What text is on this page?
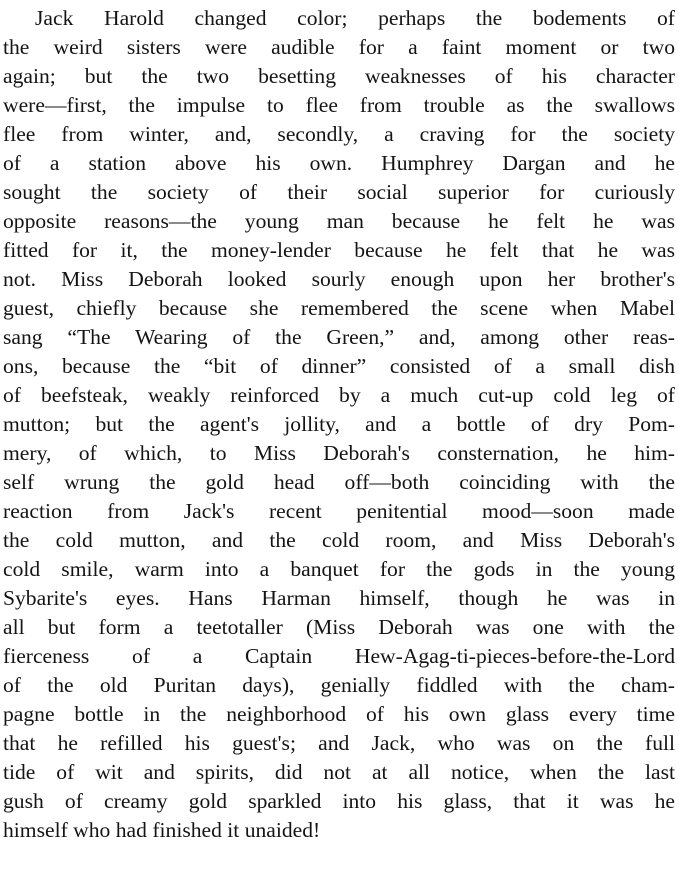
Jack Harold changed color; perhaps the bodements of
the weird sisters were audible for a faint moment or two
again; but the two besetting weaknesses of his character
were—first, the impulse to flee from trouble as the swallows
flee from winter, and, secondly, a craving for the society
of a station above his own. Humphrey Dargan and he
sought the society of their social superior for curiously
opposite reasons—the young man because he felt he was
fitted for it, the money-lender because he felt that he was
not. Miss Deborah looked sourly enough upon her brother's
guest, chiefly because she remembered the scene when Mabel
sang “The Wearing of the Green,” and, among other reas-
ons, because the “bit of dinner” consisted of a small dish
of beefsteak, weakly reinforced by a much cut-up cold leg of
mutton; but the agent's jollity, and a bottle of dry Pom-
mery, of which, to Miss Deborah's consternation, he him-
self wrung the gold head off—both coinciding with the
reaction from Jack's recent penitential mood—soon made
the cold mutton, and the cold room, and Miss Deborah's
cold smile, warm into a banquet for the gods in the young
Sybarite's eyes. Hans Harman himself, though he was in
all but form a teetotaller (Miss Deborah was one with the
fierceness of a Captain Hew-Agag-ti-pieces-before-the-Lord
of the old Puritan days), genially fiddled with the cham-
pagne bottle in the neighborhood of his own glass every time
that he refilled his guest's; and Jack, who was on the full
tide of wit and spirits, did not at all notice, when the last
gush of creamy gold sparkled into his glass, that it was he
himself who had finished it unaided!
